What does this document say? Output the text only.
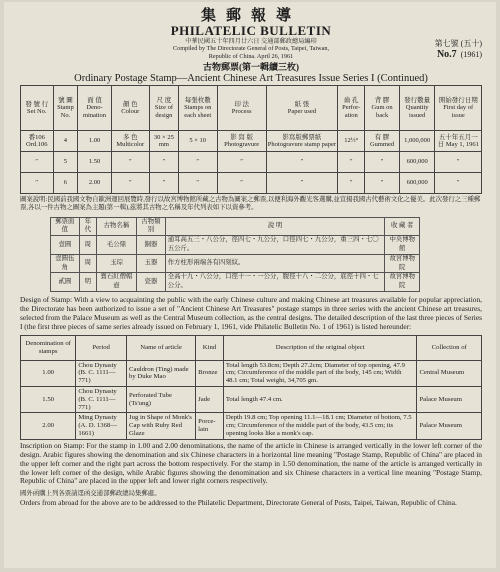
集郵報導
PHILATELIC BULLETIN
中華民國五十年四月廿六日 交通部郵政總局編印
Compiled by The Directorate General of Posts, Taipei, Taiwan,
Republic of China. April 26, 1961
第七號 (五十)
No.7 (1961)
古物郵票(第一輯續三枚)
Ordinary Postage Stamp—Ancient Chinese Art Treasures Issue Series I (Continued)
發 號 行
Set No.	號 圖
Stamp No.	面 值
Deno-mination	顏 色
Colour	尺 度
Size of design	每張枚數
Stamps on each sheet	印 法
Process	紙 張
Paper used	齒 孔
Perfor-ation	背 膠
Gum on back	發行數量
Quantity issued	開始發行日期
First day of issue
番106 Ord.106	4	1.00	多 色 Multicolor	30 × 25 mm	5 × 10	影 寫 版 Photogravure	影寫版郵票紙 Photogravure stamp paper	12½°	有 膠 Gummed	1,000,000	五十年五月一日 May 1, 1961
″	5	1.50	″	″	″	″	″	″	″	600,000	″
″	6	2.00	″	″	″	″	″	″	″	600,000	″
圖案說明:民國前我國文物自歐洲運回展覽時,發行以故宮博物館所藏之古物為圖案之郵票,以便利海外觀光客選購,並宣揚我國古代藝術文化之優美。此次發行之三種郵票,各以一件古物之圖案為主題(第一輯),茲將其古物之名稱及年代列表如下以資參考。
郵票面值	年代	古物名稱	古物類別	說 明	收 藏 者
壹圓	周	毛公鼎	銅器	通耳高五三・八公分，徑四七・九公分，口徑四七・九公分，重三四・七〇五公斤。	中央博物館
壹圓伍角	周	玉琮	玉器	作方柱形兩端各有四刻紋。	故宮博物院
貳圓	明	寶石紅僧帽壺	瓷器	全高十九・八公分，口徑十一・一公分，腹徑十八・二公分，底徑十四・七公分。	故宮博物院
Design of Stamp: With a view to acquainting the public with the early Chinese culture and making Chinese art treasures available for popular appreciation, the Directorate has been authorized to issue a set of "Ancient Chinese Art Treasures" postage stamps in three series with the ancient Chinese art treasures, selected from the Palace Museum as well as the Central Museum collection, as the central designs. The detailed description of the last three pieces of Series I (the first three pieces of same series already issued on February 1, 1961, vide Philatelic Bulletin No. 1 of 1961) is listed hereunder:
Denomination of stamps	Period	Name of article	Kind	Description of the original object	Collection of
1.00	Chou Dynasty (B. C. 1111—771)	Cauldron (Ting) made by Duke Mao	Bronze	Total length 53.8cm; Depth 27.2cm; Diameter of top opening, 47.9 cm; Circumference of the middle part of the body, 145 cm; Width 48.1 cm; Total weight, 34,705 gm.	Central Museum
1.50	Chou Dynasty (B. C. 1111—771)	Perforated Tube (Ts'ung)	Jade	Total length 47.4 cm.	Palace Museum
2.00	Ming Dynasty (A. D. 1368—1661)	Jug in Shape of Monk's Cap with Ruby Red Glaze	Porce-lain	Depth 19.8 cm; Top opening 11.1—18.1 cm; Diameter of bottom, 7.5 cm; Circumference of the middle part of the body, 43.5 cm; its opening looks like a monk's cap.	Palace Museum
Inscription on Stamp: For the stamp in 1.00 and 2.00 denominations, the name of the article in Chinese is arranged vertically in the lower left corner of the design. Arabic figures showing the denomination and six Chinese characters in a horizontal line meaning "Postage Stamp, Republic of China" are placed in the upper left corner and the right part across the bottom respectively. For the stamp in 1.50 denomination, the name of the article is arranged vertically in the lower left corner of the design, while Arabic figures showing the denomination and six Chinese characters in a vertical line meaning "Postage Stamp, Republic of China" are placed in the upper left and lower right corners respectively.
國外函購上列各票請逕函交通部郵政總局集郵處。
Orders from abroad for the above are to be addressed to the Philatelic Department, Directorate General of Posts, Taipei, Taiwan, Republic of China.
